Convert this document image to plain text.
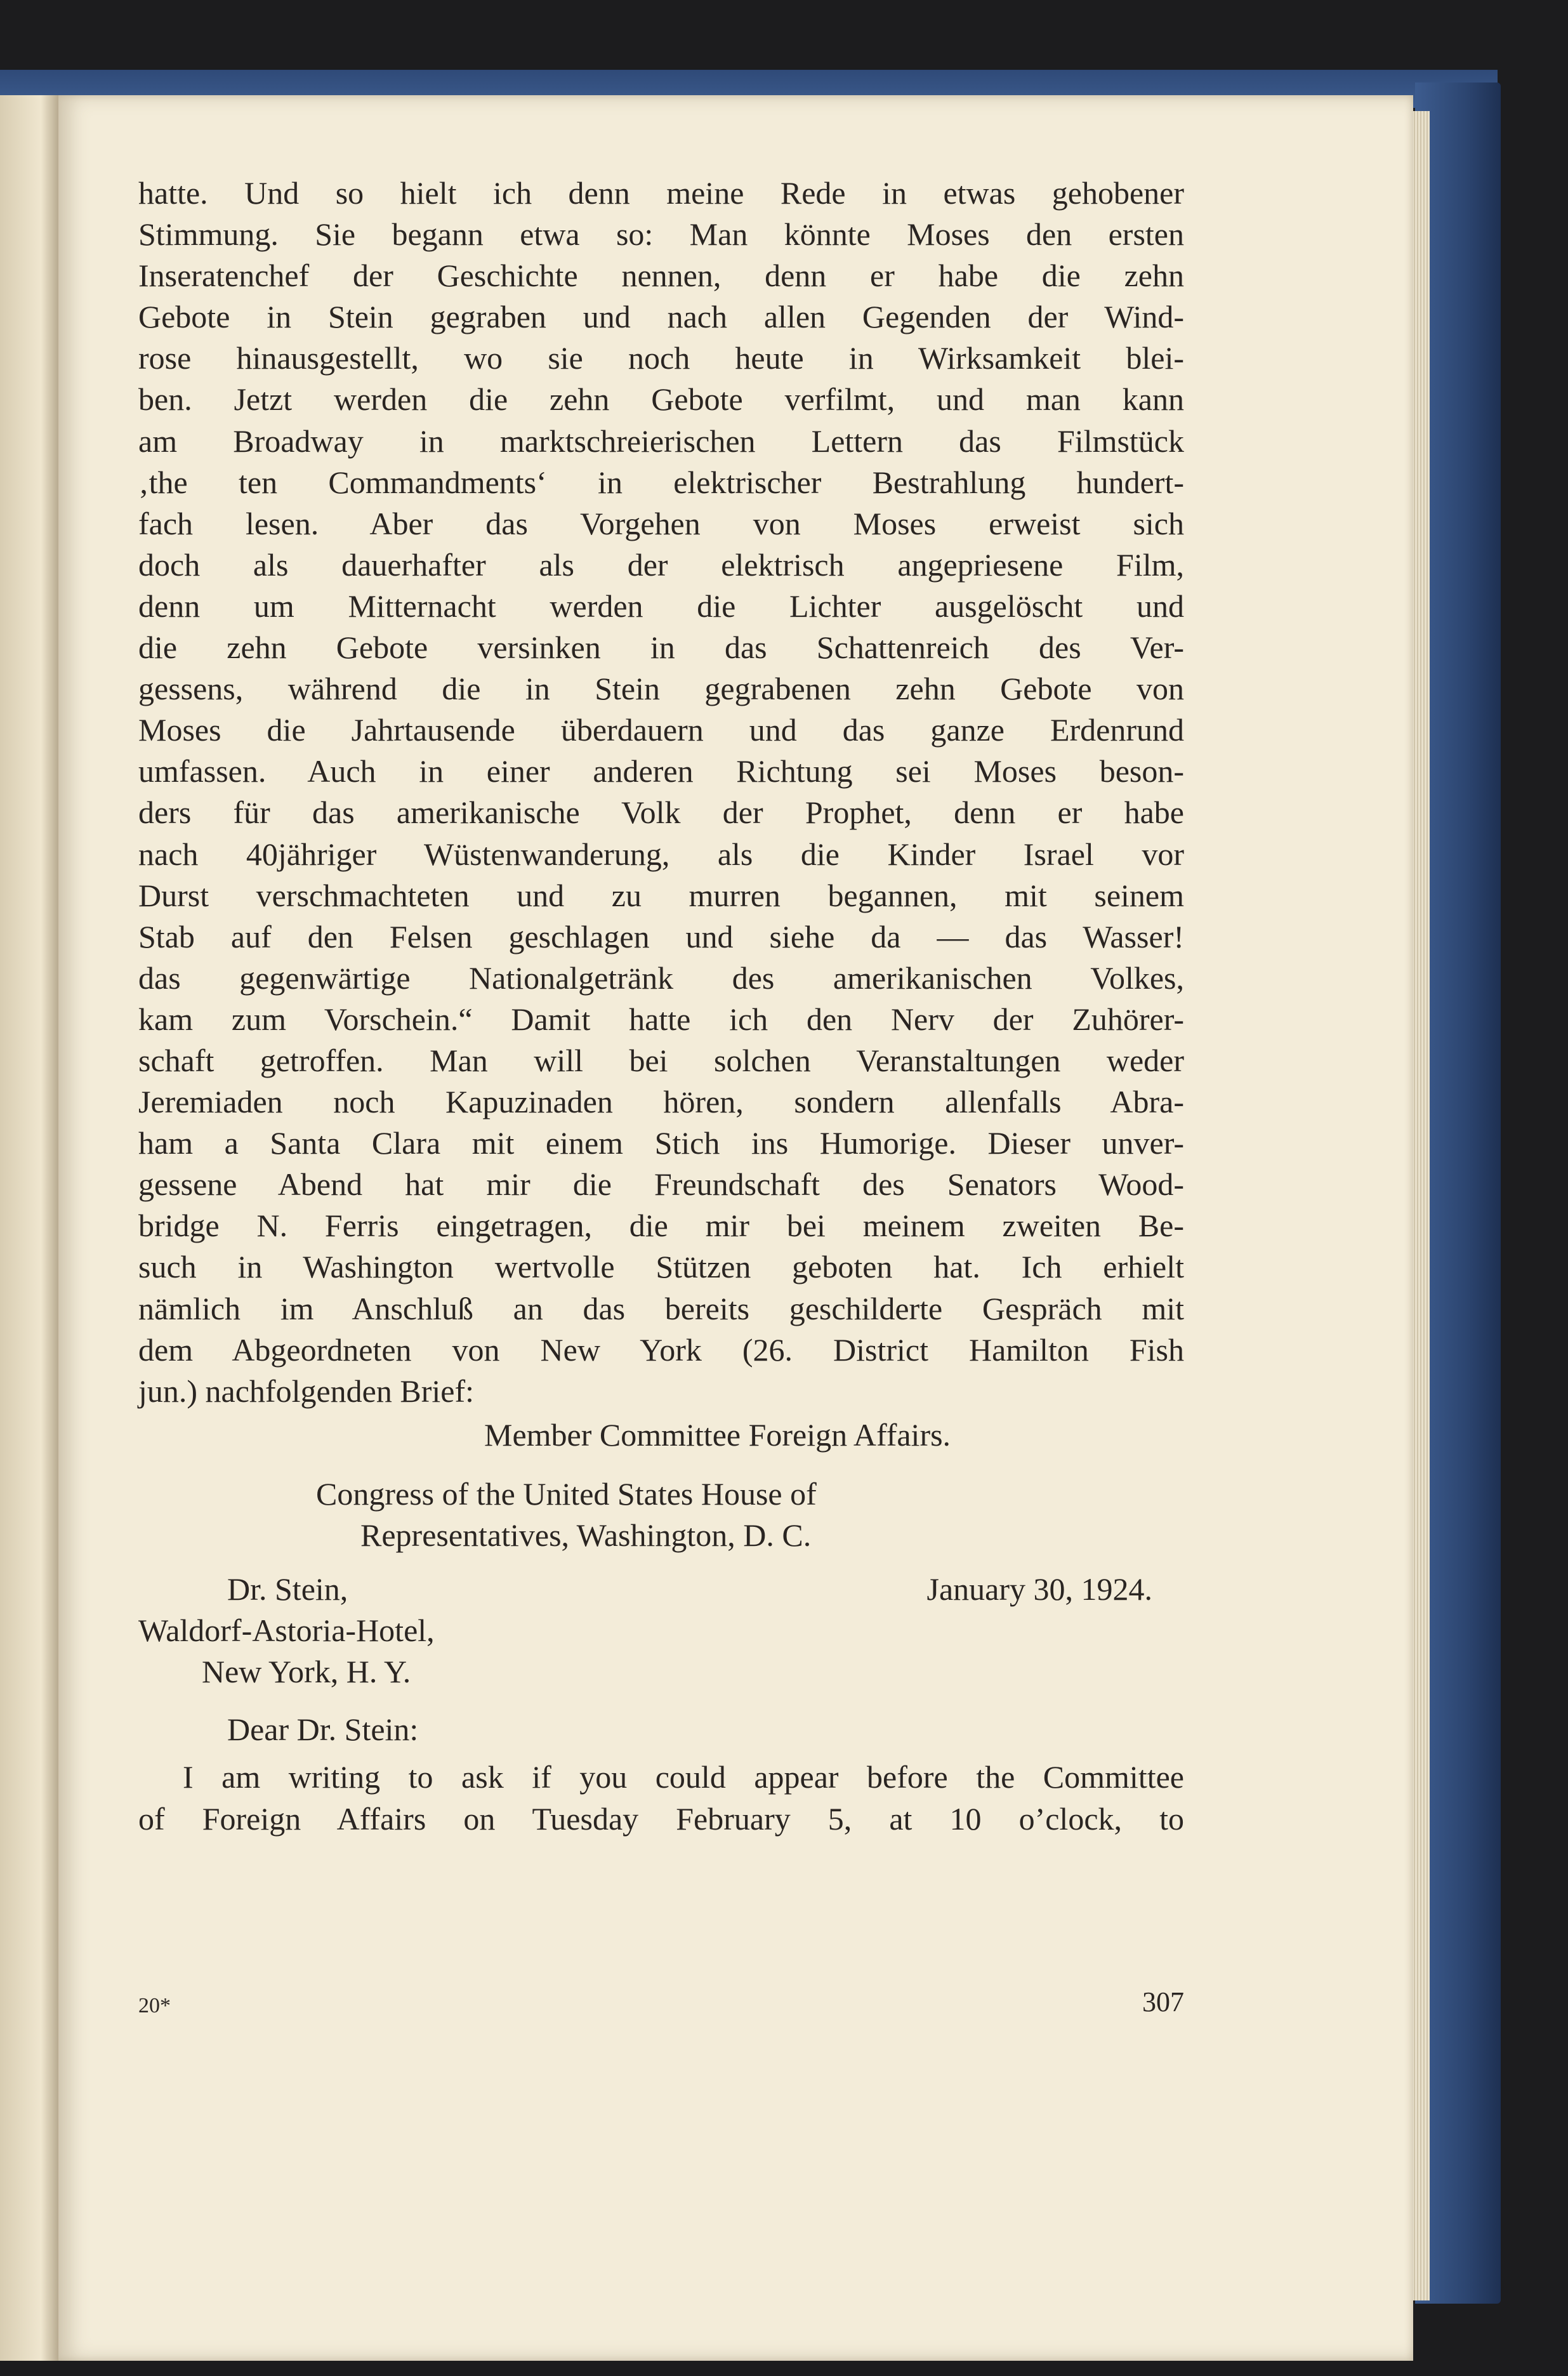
hatte. Und so hielt ich denn meine Rede in etwas gehobener
Stimmung. Sie begann etwa so: Man könnte Moses den ersten
Inseratenchef der Geschichte nennen, denn er habe die zehn
Gebote in Stein gegraben und nach allen Gegenden der Wind-
rose hinausgestellt, wo sie noch heute in Wirksamkeit blei-
ben. Jetzt werden die zehn Gebote verfilmt, und man kann
am Broadway in marktschreierischen Lettern das Filmstück
‚the ten Commandments‘ in elektrischer Bestrahlung hundert-
fach lesen. Aber das Vorgehen von Moses erweist sich
doch als dauerhafter als der elektrisch angepriesene Film,
denn um Mitternacht werden die Lichter ausgelöscht und
die zehn Gebote versinken in das Schattenreich des Ver-
gessens, während die in Stein gegrabenen zehn Gebote von
Moses die Jahrtausende überdauern und das ganze Erdenrund
umfassen. Auch in einer anderen Richtung sei Moses beson-
ders für das amerikanische Volk der Prophet, denn er habe
nach 40jähriger Wüstenwanderung, als die Kinder Israel vor
Durst verschmachteten und zu murren begannen, mit seinem
Stab auf den Felsen geschlagen und siehe da — das Wasser!
das gegenwärtige Nationalgetränk des amerikanischen Volkes,
kam zum Vorschein.“ Damit hatte ich den Nerv der Zuhörer-
schaft getroffen. Man will bei solchen Veranstaltungen weder
Jeremiaden noch Kapuzinaden hören, sondern allenfalls Abra-
ham a Santa Clara mit einem Stich ins Humorige. Dieser unver-
gessene Abend hat mir die Freundschaft des Senators Wood-
bridge N. Ferris eingetragen, die mir bei meinem zweiten Be-
such in Washington wertvolle Stützen geboten hat. Ich erhielt
nämlich im Anschluß an das bereits geschilderte Gespräch mit
dem Abgeordneten von New York (26. District Hamilton Fish
jun.) nachfolgenden Brief:
Member Committee Foreign Affairs.
Congress of the United States House of
Representatives, Washington, D. C.
Dr. Stein,	January 30, 1924.
Waldorf-Astoria-Hotel,
New York, H. Y.
Dear Dr. Stein:
I am writing to ask if you could appear before the Committee
of Foreign Affairs on Tuesday February 5, at 10 o’clock, to
20*	307
